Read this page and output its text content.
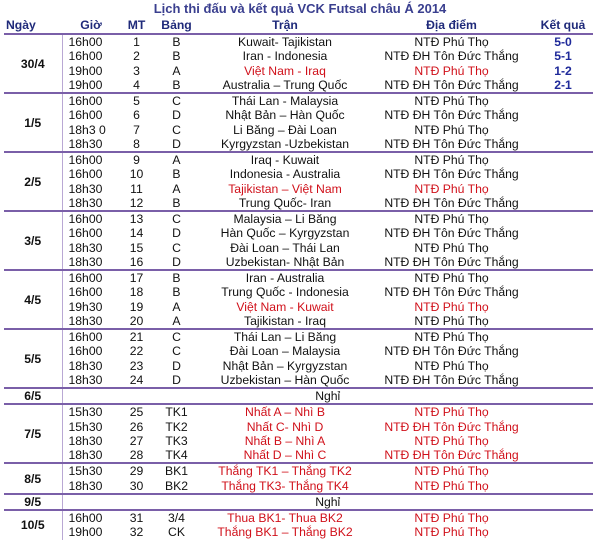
Lịch thi đấu và kết quả VCK Futsal châu Á 2014
Ngày	Giờ	MT	Bảng	Trận	Địa điểm	Kết quả
30/4	16h00	1	B	Kuwait- Tajikistan	NTĐ Phú Thọ	5-0
	16h00	2	B	Iran - Indonesia	NTĐ ĐH Tôn Đức Thắng	5-1
	19h00	3	A	Việt Nam - Iraq	NTĐ Phú Thọ	1-2
	19h00	4	B	Australia – Trung Quốc	NTĐ ĐH Tôn Đức Thắng	2-1
1/5	16h00	5	C	Thái Lan - Malaysia	NTĐ Phú Thọ	
	16h00	6	D	Nhật Bản – Hàn Quốc	NTĐ ĐH Tôn Đức Thắng	
	18h3 0	7	C	Li Băng – Đài Loan	NTĐ Phú Thọ	
	18h30	8	D	Kyrgyzstan -Uzbekistan	NTĐ ĐH Tôn Đức Thắng	
2/5	16h00	9	A	Iraq - Kuwait	NTĐ Phú Thọ	
	16h00	10	B	Indonesia - Australia	NTĐ ĐH Tôn Đức Thắng	
	18h30	11	A	Tajikistan – Việt Nam	NTĐ Phú Thọ	
	18h30	12	B	Trung Quốc- Iran	NTĐ ĐH Tôn Đức Thắng	
3/5	16h00	13	C	Malaysia – Li Băng	NTĐ Phú Thọ	
	16h00	14	D	Hàn Quốc – Kyrgyzstan	NTĐ ĐH Tôn Đức Thắng	
	18h30	15	C	Đài Loan – Thái Lan	NTĐ Phú Thọ	
	18h30	16	D	Uzbekistan- Nhật Bản	NTĐ ĐH Tôn Đức Thắng	
4/5	16h00	17	B	Iran - Australia	NTĐ Phú Thọ	
	16h00	18	B	Trung Quốc - Indonesia	NTĐ ĐH Tôn Đức Thắng	
	19h30	19	A	Việt Nam - Kuwait	NTĐ Phú Thọ	
	18h30	20	A	Tajikistan - Iraq	NTĐ Phú Thọ	
5/5	16h00	21	C	Thái Lan – Li Băng	NTĐ Phú Thọ	
	16h00	22	C	Đài Loan – Malaysia	NTĐ ĐH Tôn Đức Thắng	
	18h30	23	D	Nhật Bản – Kyrgyzstan	NTĐ Phú Thọ	
	18h30	24	D	Uzbekistan – Hàn Quốc	NTĐ ĐH Tôn Đức Thắng	
6/5	Nghỉ					
7/5	15h30	25	TK1	Nhất A – Nhì B	NTĐ Phú Thọ	
	15h30	26	TK2	Nhất C- Nhì D	NTĐ ĐH Tôn Đức Thắng	
	18h30	27	TK3	Nhất B – Nhì A	NTĐ Phú Thọ	
	18h30	28	TK4	Nhất D – Nhì C	NTĐ ĐH Tôn Đức Thắng	
8/5	15h30	29	BK1	Thắng TK1 – Thắng TK2	NTĐ Phú Thọ	
	18h30	30	BK2	Thắng TK3- Thắng TK4	NTĐ Phú Thọ	
9/5	Nghỉ					
10/5	16h00	31	3/4	Thua BK1- Thua BK2	NTĐ Phú Thọ	
	19h00	32	CK	Thắng BK1 – Thắng BK2	NTĐ Phú Thọ	
